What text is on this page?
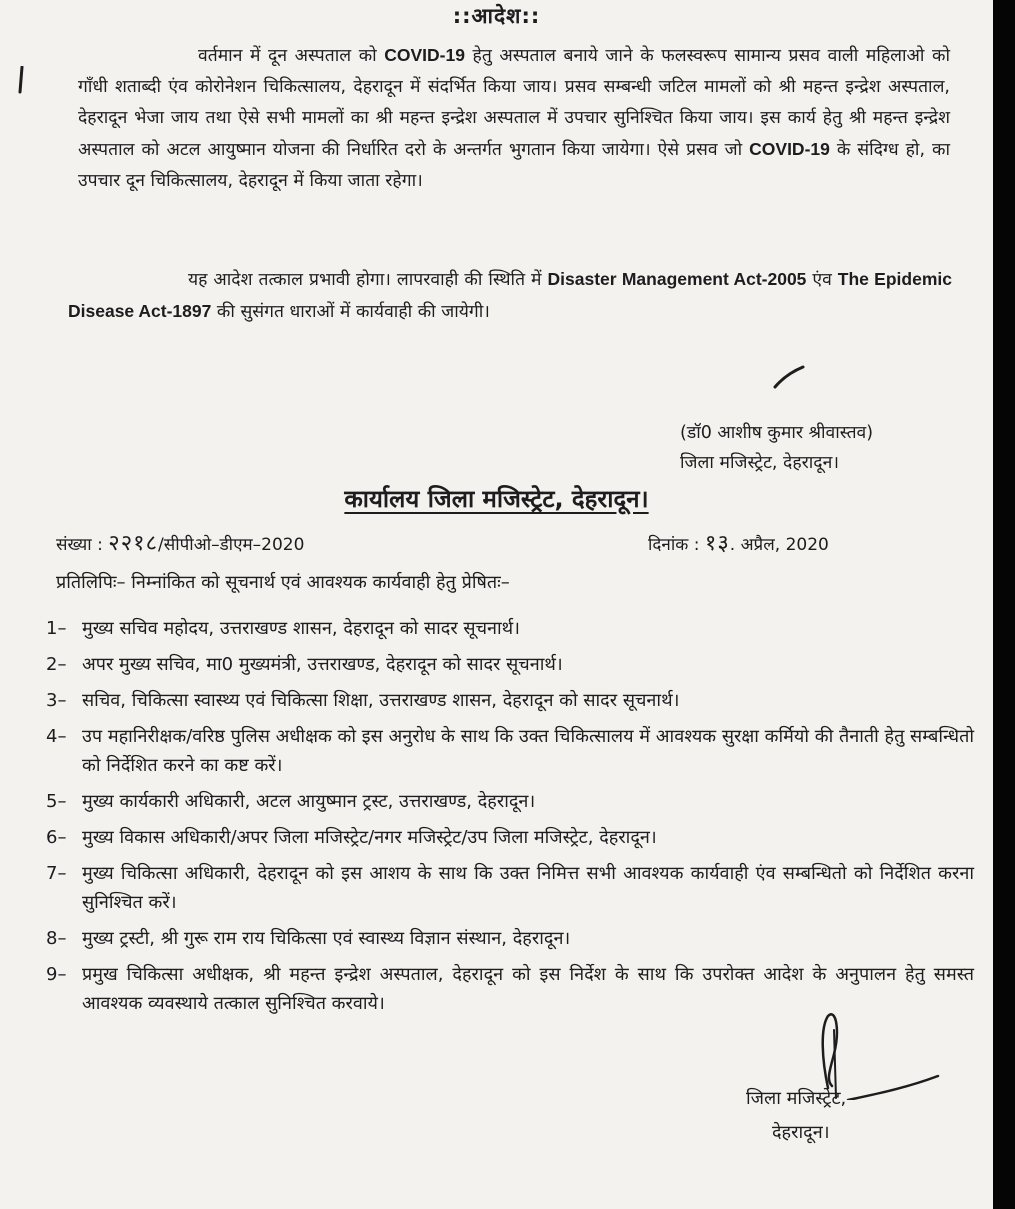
::आदेश::

वर्तमान में दून अस्पताल को COVID-19 हेतु अस्पताल बनाये जाने के फलस्वरूप सामान्य प्रसव वाली महिलाओ को गाँधी शताब्दी एंव कोरोनेशन चिकित्सालय, देहरादून में संदर्भित किया जाय। प्रसव सम्बन्धी जटिल मामलों को श्री महन्त इन्द्रेश अस्पताल, देहरादून भेजा जाय तथा ऐसे सभी मामलों का श्री महन्त इन्द्रेश अस्पताल में उपचार सुनिश्चित किया जाय। इस कार्य हेतु श्री महन्त इन्द्रेश अस्पताल को अटल आयुष्मान योजना की निर्धारित दरो के अन्तर्गत भुगतान किया जायेगा। ऐसे प्रसव जो COVID-19 के संदिग्ध हो, का उपचार दून चिकित्सालय, देहरादून में किया जाता रहेगा।

यह आदेश तत्काल प्रभावी होगा। लापरवाही की स्थिति में Disaster Management Act-2005 एंव The Epidemic Disease Act-1897 की सुसंगत धाराओं में कार्यवाही की जायेगी।

(डॉ0 आशीष कुमार श्रीवास्तव)
जिला मजिस्ट्रेट, देहरादून।
कार्यालय जिला मजिस्ट्रेट, देहरादून।
संख्या : २२१८/सीपीओ–डीएम–2020	दिनांक : १३. अप्रैल, 2020
प्रतिलिपिः– निम्नांकित को सूचनार्थ एवं आवश्यक कार्यवाही हेतु प्रेषितः–
1– मुख्य सचिव महोदय, उत्तराखण्ड शासन, देहरादून को सादर सूचनार्थ।
2– अपर मुख्य सचिव, मा0 मुख्यमंत्री, उत्तराखण्ड, देहरादून को सादर सूचनार्थ।
3– सचिव, चिकित्सा स्वास्थ्य एवं चिकित्सा शिक्षा, उत्तराखण्ड शासन, देहरादून को सादर सूचनार्थ।
4– उप महानिरीक्षक/वरिष्ठ पुलिस अधीक्षक को इस अनुरोध के साथ कि उक्त चिकित्सालय में आवश्यक सुरक्षा कर्मियो की तैनाती हेतु सम्बन्धितो को निर्देशित करने का कष्ट करें।
5– मुख्य कार्यकारी अधिकारी, अटल आयुष्मान ट्रस्ट, उत्तराखण्ड, देहरादून।
6– मुख्य विकास अधिकारी/अपर जिला मजिस्ट्रेट/नगर मजिस्ट्रेट/उप जिला मजिस्ट्रेट, देहरादून।
7– मुख्य चिकित्सा अधिकारी, देहरादून को इस आशय के साथ कि उक्त निमित्त सभी आवश्यक कार्यवाही एंव सम्बन्धितो को निर्देशित करना सुनिश्चित करें।
8– मुख्य ट्रस्टी, श्री गुरू राम राय चिकित्सा एवं स्वास्थ्य विज्ञान संस्थान, देहरादून।
9– प्रमुख चिकित्सा अधीक्षक, श्री महन्त इन्द्रेश अस्पताल, देहरादून को इस निर्देश के साथ कि उपरोक्त आदेश के अनुपालन हेतु समस्त आवश्यक व्यवस्थाये तत्काल सुनिश्चित करवाये।
जिला मजिस्ट्रेट,
देहरादून।
